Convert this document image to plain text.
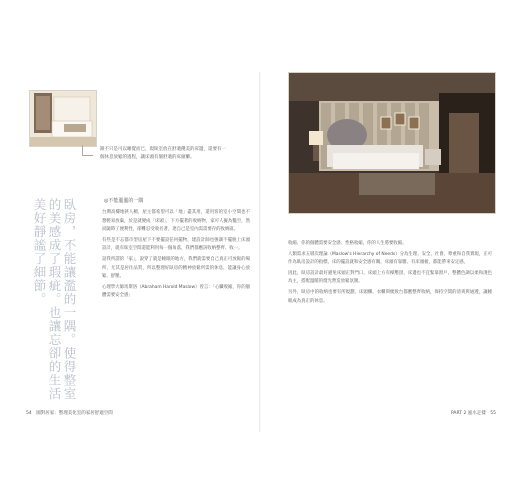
跟不只是可以睡覺而已，現臥室放在舒適優美的床邊，還要有一個休息放鬆的過程，讓床頭有個舒適的床頭櫃。
臥房，不能讓濫的一隅。使得整室的美感成了瑕疵。也讓忘卻的生活美好靜謐了細節。	◎不能濫濫的一隅

台灣高樓地狹人稠，屋主都希望可以「地」盡其用，還用客的室小空間也不想輕易放棄，於是就變成「床頭」，下方擺著的收納物，家可人擬為鑿空，然而隨時了便利性，卻難忍受收名著，達自己是室內需需要存的收納區。

有些是不忘都市型房屋下不要擺設任何擺物，建設計師也強調不擺脫上床頭設計，就有臥室空間還能利用每一個角落，我們都應該收納整齊、收一。

話我所謂的「家」，說穿了就是睡眠的地方，我們就需要自己真正可放鬆的場所，尤其是居住品質，所以整理好臥房的精神放鬆所需的休息，能讓身心放鬆、舒壓。

心理學大師馬斯洛（Abraham Harold Maslow）曾言：「心臟收縮，你的個體需要安全感」

54　國對居家：整理美化室的家居舒適空間

收縮，你的個體需要安全感；性格收縮，你的人生將要收縮。

人類需求五層次理論（Maslow's Hierarchy of Needs）分為生理、安全、社會、尊重和自我實現，正可作為臥房設計的指標，床的擺設就和安全感有關，床頭有靠牆、有床頭板，都能帶來安定感。

因此，臥房設計最好避免床頭正對門口、床頭上方有樑壓頂，床邊也不宜緊靠窗戶，整體色調以柔和淺色為主，搭配溫暖的燈光營造放鬆氛圍。

另外，臥房中的收納也要有所規劃，床頭櫃、衣櫃與梳妝台都應整齊收納，保持空間的清爽與通透，讓睡眠成為真正的休息。

PART 2 風水走樣　55
